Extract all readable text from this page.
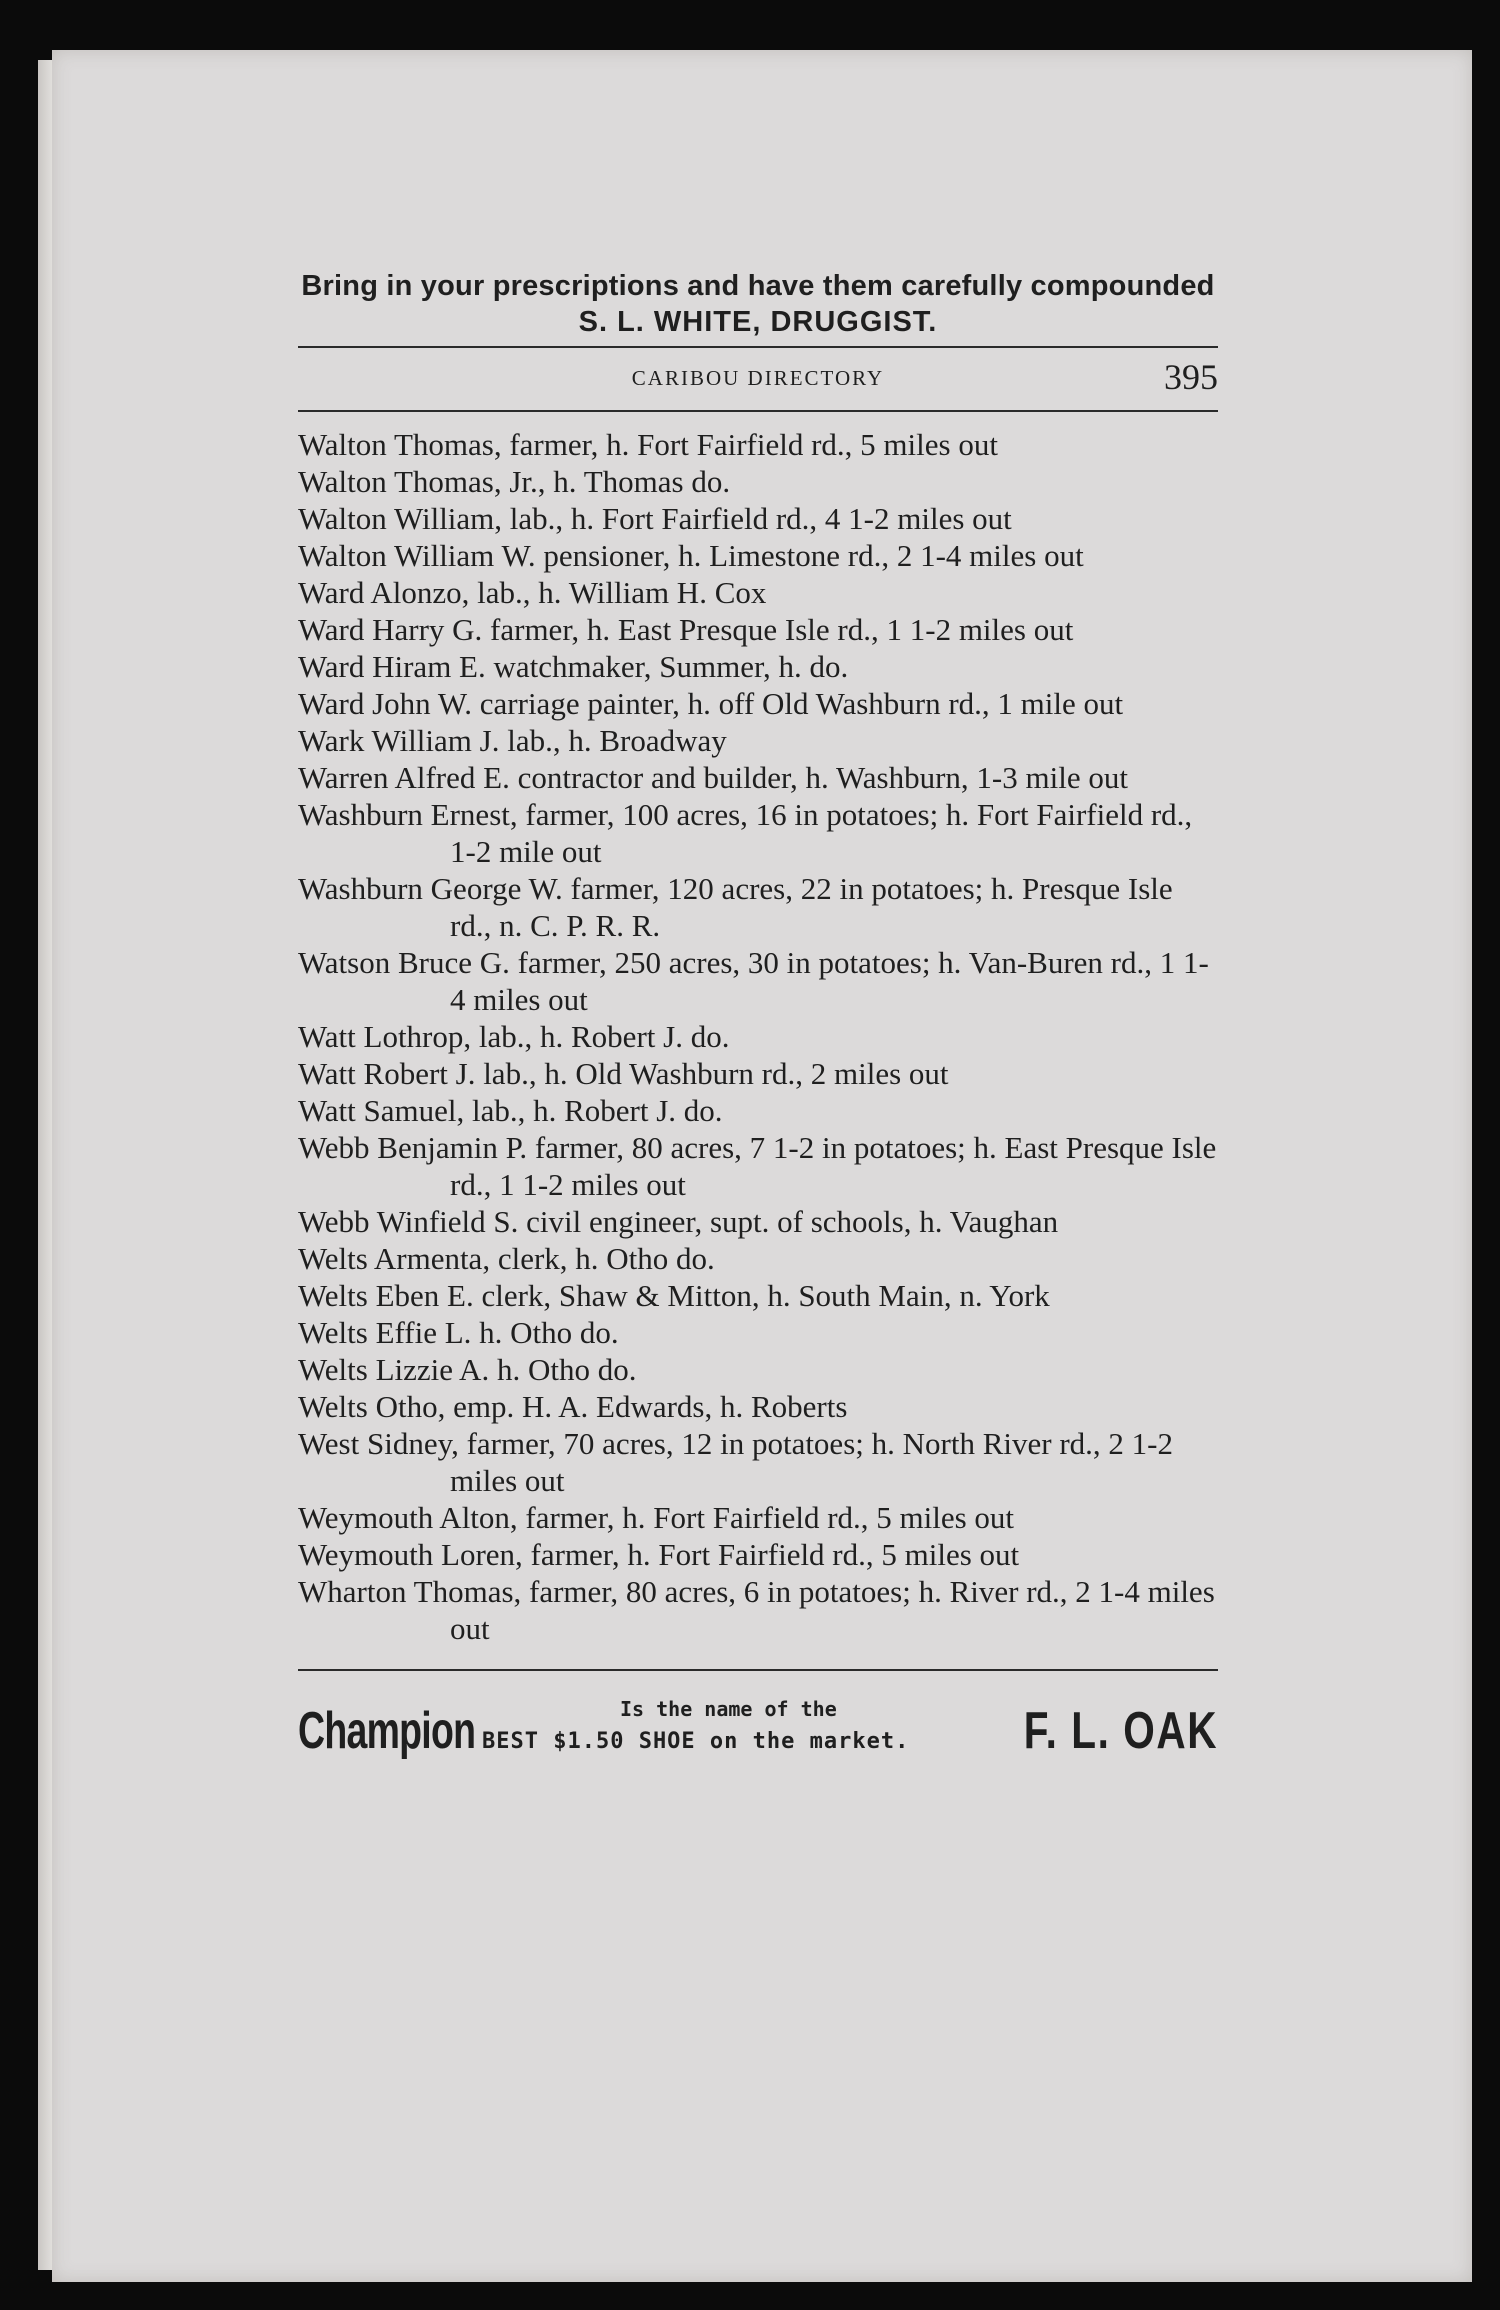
Bring in your prescriptions and have them carefully compounded
S. L. WHITE, DRUGGIST.
CARIBOU DIRECTORY	395
Walton Thomas, farmer, h. Fort Fairfield rd., 5 miles out
Walton Thomas, Jr., h. Thomas do.
Walton William, lab., h. Fort Fairfield rd., 4 1-2 miles out
Walton William W. pensioner, h. Limestone rd., 2 1-4 miles out
Ward Alonzo, lab., h. William H. Cox
Ward Harry G. farmer, h. East Presque Isle rd., 1 1-2 miles out
Ward Hiram E. watchmaker, Summer, h. do.
Ward John W. carriage painter, h. off Old Washburn rd., 1 mile out
Wark William J. lab., h. Broadway
Warren Alfred E. contractor and builder, h. Washburn, 1-3 mile out
Washburn Ernest, farmer, 100 acres, 16 in potatoes; h. Fort Fairfield rd., 1-2 mile out
Washburn George W. farmer, 120 acres, 22 in potatoes; h. Presque Isle rd., n. C. P. R. R.
Watson Bruce G. farmer, 250 acres, 30 in potatoes; h. Van-Buren rd., 1 1-4 miles out
Watt Lothrop, lab., h. Robert J. do.
Watt Robert J. lab., h. Old Washburn rd., 2 miles out
Watt Samuel, lab., h. Robert J. do.
Webb Benjamin P. farmer, 80 acres, 7 1-2 in potatoes; h. East Presque Isle rd., 1 1-2 miles out
Webb Winfield S. civil engineer, supt. of schools, h. Vaughan
Welts Armenta, clerk, h. Otho do.
Welts Eben E. clerk, Shaw & Mitton, h. South Main, n. York
Welts Effie L. h. Otho do.
Welts Lizzie A. h. Otho do.
Welts Otho, emp. H. A. Edwards, h. Roberts
West Sidney, farmer, 70 acres, 12 in potatoes; h. North River rd., 2 1-2 miles out
Weymouth Alton, farmer, h. Fort Fairfield rd., 5 miles out
Weymouth Loren, farmer, h. Fort Fairfield rd., 5 miles out
Wharton Thomas, farmer, 80 acres, 6 in potatoes; h. River rd., 2 1-4 miles out
Champion	Is the name of the
BEST $1.50 SHOE on the market. F. L. OAK
